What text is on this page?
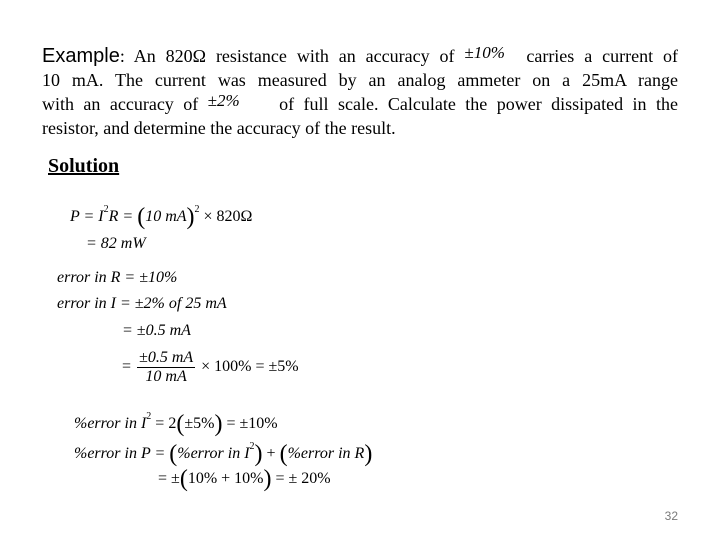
Example: An 820Ω resistance with an accuracy of ±10% carries a current of
10 mA. The current was measured by an analog ammeter on a 25mA range
with an accuracy of ±2% of full scale. Calculate the power dissipated in the
resistor, and determine the accuracy of the result.
Solution
$P = I^2R = (10$ mA)$^2$ × 820Ω
= 82 mW
error in R = ±10%
error in I = ±2% of 25 mA
= ±0.5 mA
= $\frac{\pm 0.5 mA}{10 mA} \times 100\% = \pm 5\%$
%error in $I^2 = 2(\pm 5\%) = \pm 10\%$
%error in P = (%error in $I^2$) + (%error in R)
= ±(10% + 10%) = ± 20%
32
